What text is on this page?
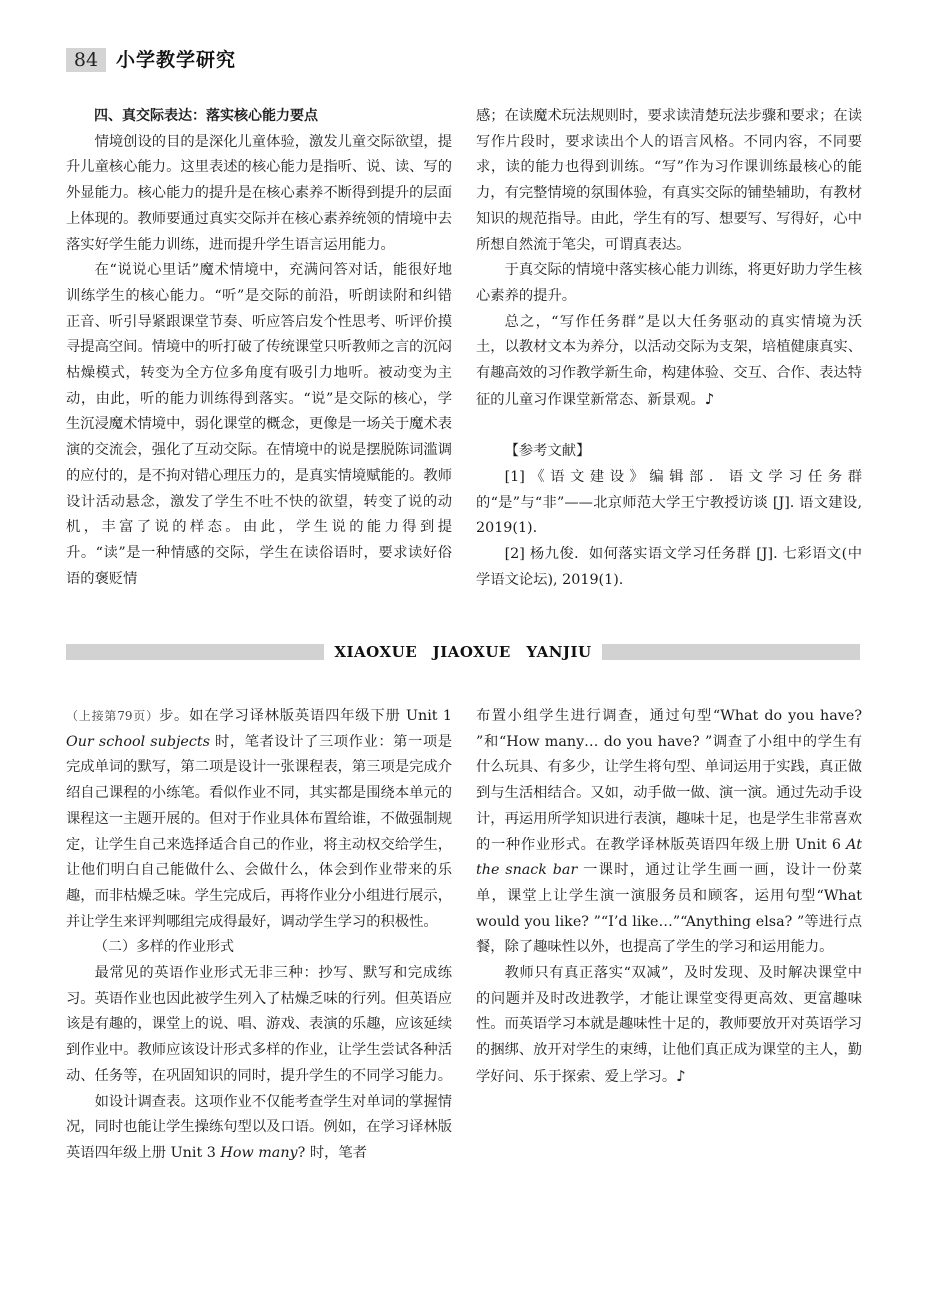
84 小学教学研究

四、真交际表达：落实核心能力要点

情境创设的目的是深化儿童体验，激发儿童交际欲望，提升儿童核心能力。这里表述的核心能力是指听、说、读、写的外显能力。核心能力的提升是在核心素养不断得到提升的层面上体现的。教师要通过真实交际并在核心素养统领的情境中去落实好学生能力训练，进而提升学生语言运用能力。

在“说说心里话”魔术情境中，充满问答对话，能很好地训练学生的核心能力。“听”是交际的前沿，听朗读附和纠错正音、听引导紧跟课堂节奏、听应答启发个性思考、听评价摸寻提高空间。情境中的听打破了传统课堂只听教师之言的沉闷枯燥模式，转变为全方位多角度有吸引力地听。被动变为主动，由此，听的能力训练得到落实。“说”是交际的核心，学生沉浸魔术情境中，弱化课堂的概念，更像是一场关于魔术表演的交流会，强化了互动交际。在情境中的说是摆脱陈词滥调的应付的，是不拘对错心理压力的，是真实情境赋能的。教师设计活动悬念，激发了学生不吐不快的欲望，转变了说的动机，丰富了说的样态。由此，学生说的能力得到提升。“读”是一种情感的交际，学生在读俗语时，要求读好俗语的褒贬情

感；在读魔术玩法规则时，要求读清楚玩法步骤和要求；在读写作片段时，要求读出个人的语言风格。不同内容，不同要求，读的能力也得到训练。“写”作为习作课训练最核心的能力，有完整情境的氛围体验，有真实交际的铺垫辅助，有教材知识的规范指导。由此，学生有的写、想要写、写得好，心中所想自然流于笔尖，可谓真表达。

于真交际的情境中落实核心能力训练，将更好助力学生核心素养的提升。

总之，“写作任务群”是以大任务驱动的真实情境为沃土，以教材文本为养分，以活动交际为支架，培植健康真实、有趣高效的习作教学新生命，构建体验、交互、合作、表达特征的儿童习作课堂新常态、新景观。♪

【参考文献】

[1]《语文建设》编辑部．语文学习任务群的“是”与“非”——北京师范大学王宁教授访谈 [J]. 语文建设, 2019(1).

[2] 杨九俊．如何落实语文学习任务群 [J]. 七彩语文(中学语文论坛), 2019(1).

XIAOXUE　JIAOXUE　YANJIU

（上接第79页）步。如在学习译林版英语四年级下册 Unit 1 Our school subjects 时，笔者设计了三项作业：第一项是完成单词的默写，第二项是设计一张课程表，第三项是完成介绍自己课程的小练笔。看似作业不同，其实都是围绕本单元的课程这一主题开展的。但对于作业具体布置给谁，不做强制规定，让学生自己来选择适合自己的作业，将主动权交给学生，让他们明白自己能做什么、会做什么，体会到作业带来的乐趣，而非枯燥乏味。学生完成后，再将作业分小组进行展示，并让学生来评判哪组完成得最好，调动学生学习的积极性。

（二）多样的作业形式

最常见的英语作业形式无非三种：抄写、默写和完成练习。英语作业也因此被学生列入了枯燥乏味的行列。但英语应该是有趣的，课堂上的说、唱、游戏、表演的乐趣，应该延续到作业中。教师应该设计形式多样的作业，让学生尝试各种活动、任务等，在巩固知识的同时，提升学生的不同学习能力。

如设计调查表。这项作业不仅能考查学生对单词的掌握情况，同时也能让学生操练句型以及口语。例如，在学习译林版英语四年级上册 Unit 3 How many? 时，笔者

布置小组学生进行调查，通过句型“What do you have? ”和“How many… do you have? ”调查了小组中的学生有什么玩具、有多少，让学生将句型、单词运用于实践，真正做到与生活相结合。又如，动手做一做、演一演。通过先动手设计，再运用所学知识进行表演，趣味十足，也是学生非常喜欢的一种作业形式。在教学译林版英语四年级上册 Unit 6 At the snack bar 一课时，通过让学生画一画，设计一份菜单，课堂上让学生演一演服务员和顾客，运用句型“What would you like? ”“I’d like…”“Anything elsa? ”等进行点餐，除了趣味性以外，也提高了学生的学习和运用能力。

教师只有真正落实“双减”，及时发现、及时解决课堂中的问题并及时改进教学，才能让课堂变得更高效、更富趣味性。而英语学习本就是趣味性十足的，教师要放开对英语学习的捆绑、放开对学生的束缚，让他们真正成为课堂的主人，勤学好问、乐于探索、爱上学习。♪
